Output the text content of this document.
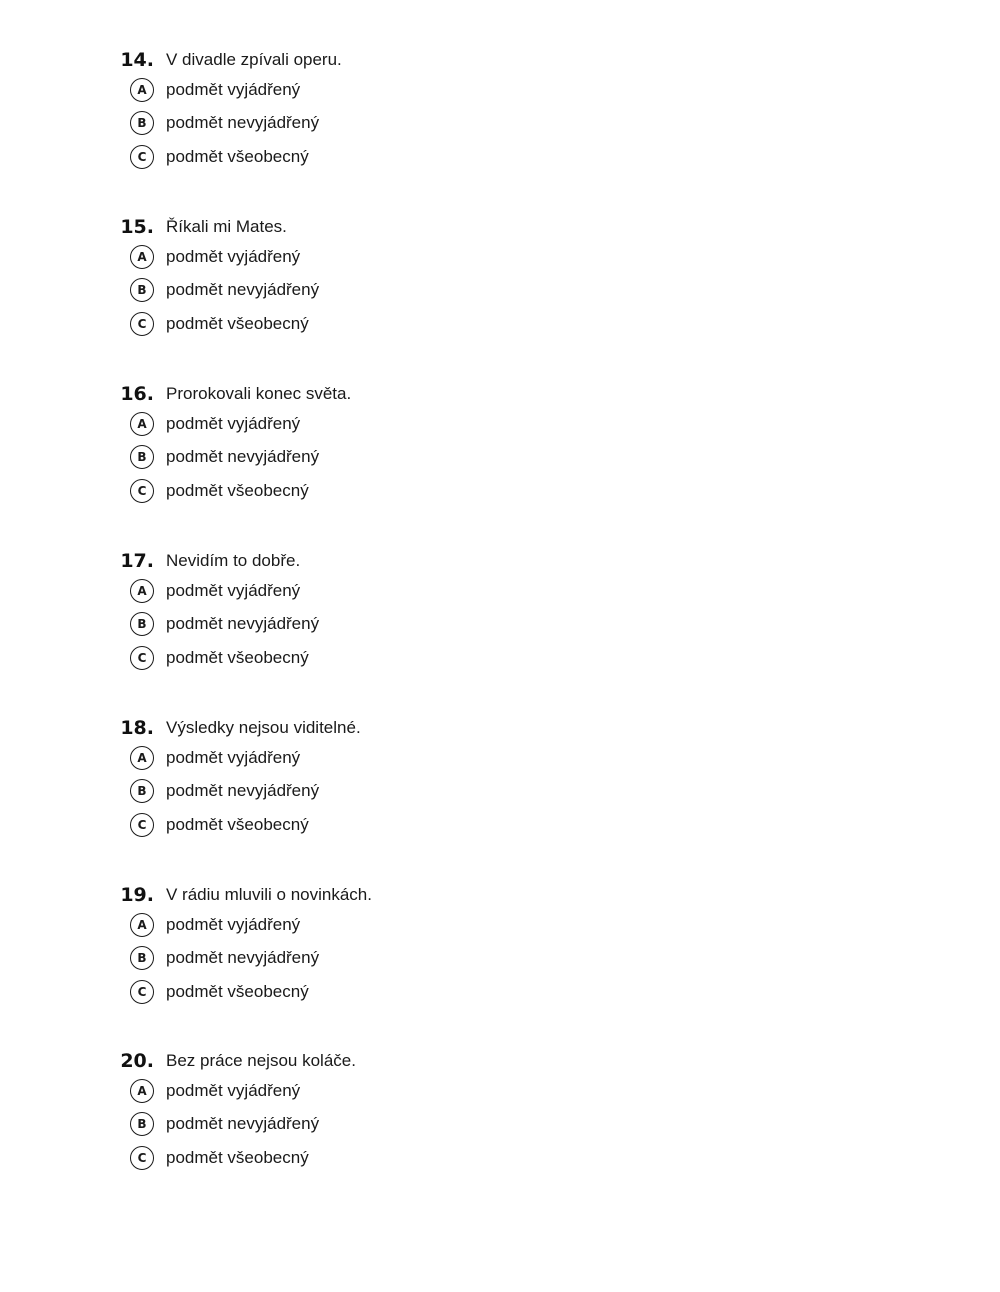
14. V divadle zpívali operu.
A	podmět vyjádřený
B	podmět nevyjádřený
C	podmět všeobecný
15. Říkali mi Mates.
A	podmět vyjádřený
B	podmět nevyjádřený
C	podmět všeobecný
16. Prorokovali konec světa.
A	podmět vyjádřený
B	podmět nevyjádřený
C	podmět všeobecný
17. Nevidím to dobře.
A	podmět vyjádřený
B	podmět nevyjádřený
C	podmět všeobecný
18. Výsledky nejsou viditelné.
A	podmět vyjádřený
B	podmět nevyjádřený
C	podmět všeobecný
19. V rádiu mluvili o novinkách.
A	podmět vyjádřený
B	podmět nevyjádřený
C	podmět všeobecný
20. Bez práce nejsou koláče.
A	podmět vyjádřený
B	podmět nevyjádřený
C	podmět všeobecný
